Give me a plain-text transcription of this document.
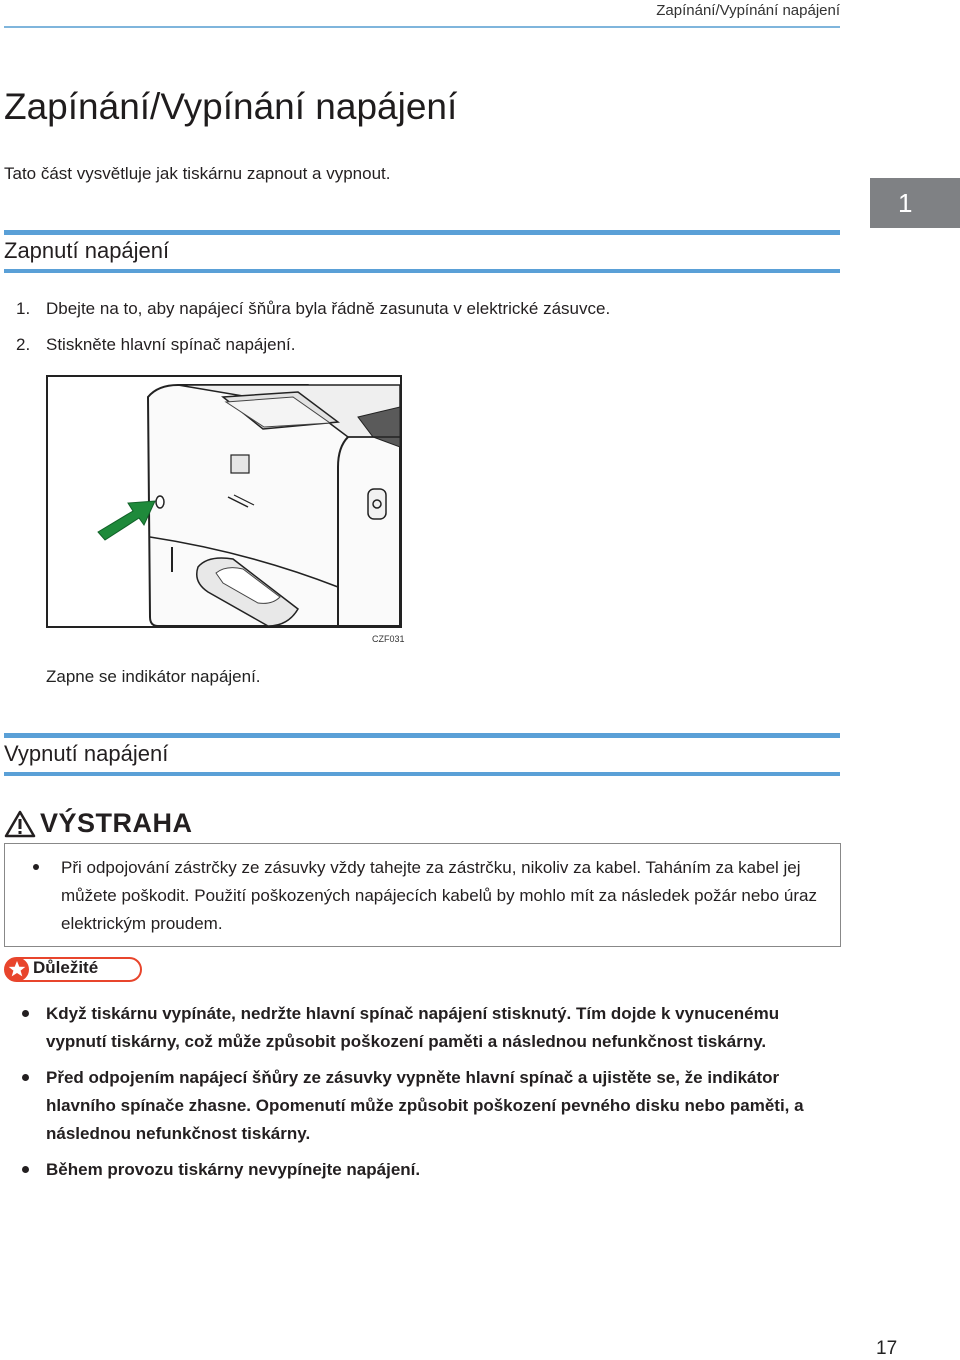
Zapínání/Vypínání napájení
Zapínání/Vypínání napájení
Tato část vysvětluje jak tiskárnu zapnout a vypnout.
1
Zapnutí napájení
1. Dbejte na to, aby napájecí šňůra byla řádně zasunuta v elektrické zásuvce.
2. Stiskněte hlavní spínač napájení.
CZF031
Zapne se indikátor napájení.
Vypnutí napájení
VÝSTRAHA
Při odpojování zástrčky ze zásuvky vždy tahejte za zástrčku, nikoliv za kabel. Taháním za kabel jej můžete poškodit. Použití poškozených napájecích kabelů by mohlo mít za následek požár nebo úraz elektrickým proudem.
Důležité
Když tiskárnu vypínáte, nedržte hlavní spínač napájení stisknutý. Tím dojde k vynucenému vypnutí tiskárny, což může způsobit poškození paměti a následnou nefunkčnost tiskárny.
Před odpojením napájecí šňůry ze zásuvky vypněte hlavní spínač a ujistěte se, že indikátor hlavního spínače zhasne. Opomenutí může způsobit poškození pevného disku nebo paměti, a následnou nefunkčnost tiskárny.
Během provozu tiskárny nevypínejte napájení.
17
